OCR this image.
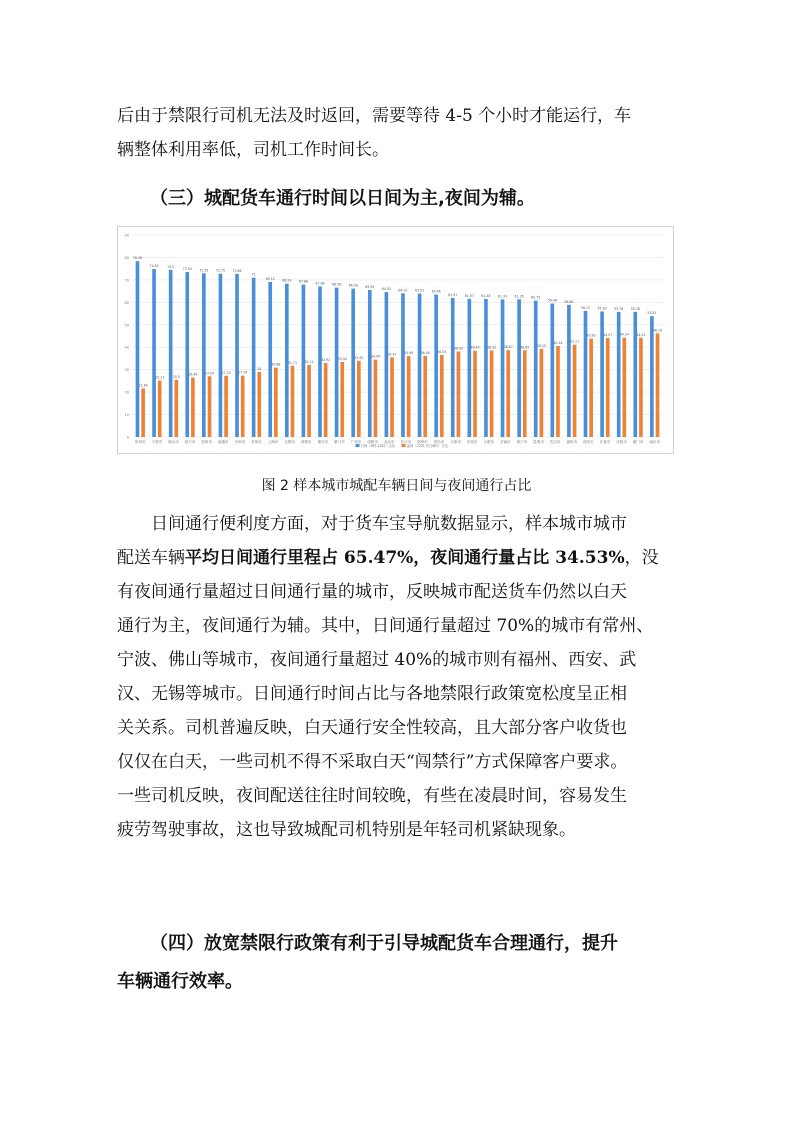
后由于禁限行司机无法及时返回，需要等待 4-5 个小时才能运行，车
辆整体利用率低，司机工作时间长。
（三）城配货车通行时间以日间为主,夜间为辅。
0
10
20
30
40
50
60
70
80
90
78.36
21.64
常州市
74.83
25.17
宁波市
74.5
25.5
佛山市
73.54
26.46
绍兴市
72.95
27.05
杭州市
72.75
27.25
南通市
72.66
27.34
台州市
71
29
苏州市
69.12
30.88
上海市
68.29
31.71
无锡市
67.88
32.12
深圳市
67.08
32.92
重庆市
66.56
33.44
厦门市
66.08
33.92
广州市
65.55
34.45
成都市
64.53
35.47
北京市
64.01
35.99
长沙市
63.91
36.09
郑州市
63.46
36.54
青岛市
61.91
38.09
天津市
61.57
38.43
东莞市
61.48
38.52
合肥市
61.33
38.67
济南市
61.35
38.65
西宁市
60.75
39.25
昆明市
59.46
40.54
武汉市
58.89
41.11
福州市
56.17
43.83
西安市
55.93
44.07
长春市
55.76
44.24
沈阳市
55.78
44.22
厦门市
53.81
46.19
南京市
日间（6时-22时）占比	夜间（22时-次日6时）占比
图 2 样本城市城配车辆日间与夜间通行占比
日间通行便利度方面，对于货车宝导航数据显示，样本城市城市
配送车辆平均日间通行里程占 65.47%，夜间通行量占比 34.53%，没
有夜间通行量超过日间通行量的城市，反映城市配送货车仍然以白天
通行为主，夜间通行为辅。其中，日间通行量超过 70%的城市有常州、
宁波、佛山等城市，夜间通行量超过 40%的城市则有福州、西安、武
汉、无锡等城市。日间通行时间占比与各地禁限行政策宽松度呈正相
关关系。司机普遍反映，白天通行安全性较高，且大部分客户收货也
仅仅在白天，一些司机不得不采取白天“闯禁行”方式保障客户要求。
一些司机反映，夜间配送往往时间较晚，有些在凌晨时间，容易发生
疲劳驾驶事故，这也导致城配司机特别是年轻司机紧缺现象。
（四）放宽禁限行政策有利于引导城配货车合理通行，提升
车辆通行效率。
